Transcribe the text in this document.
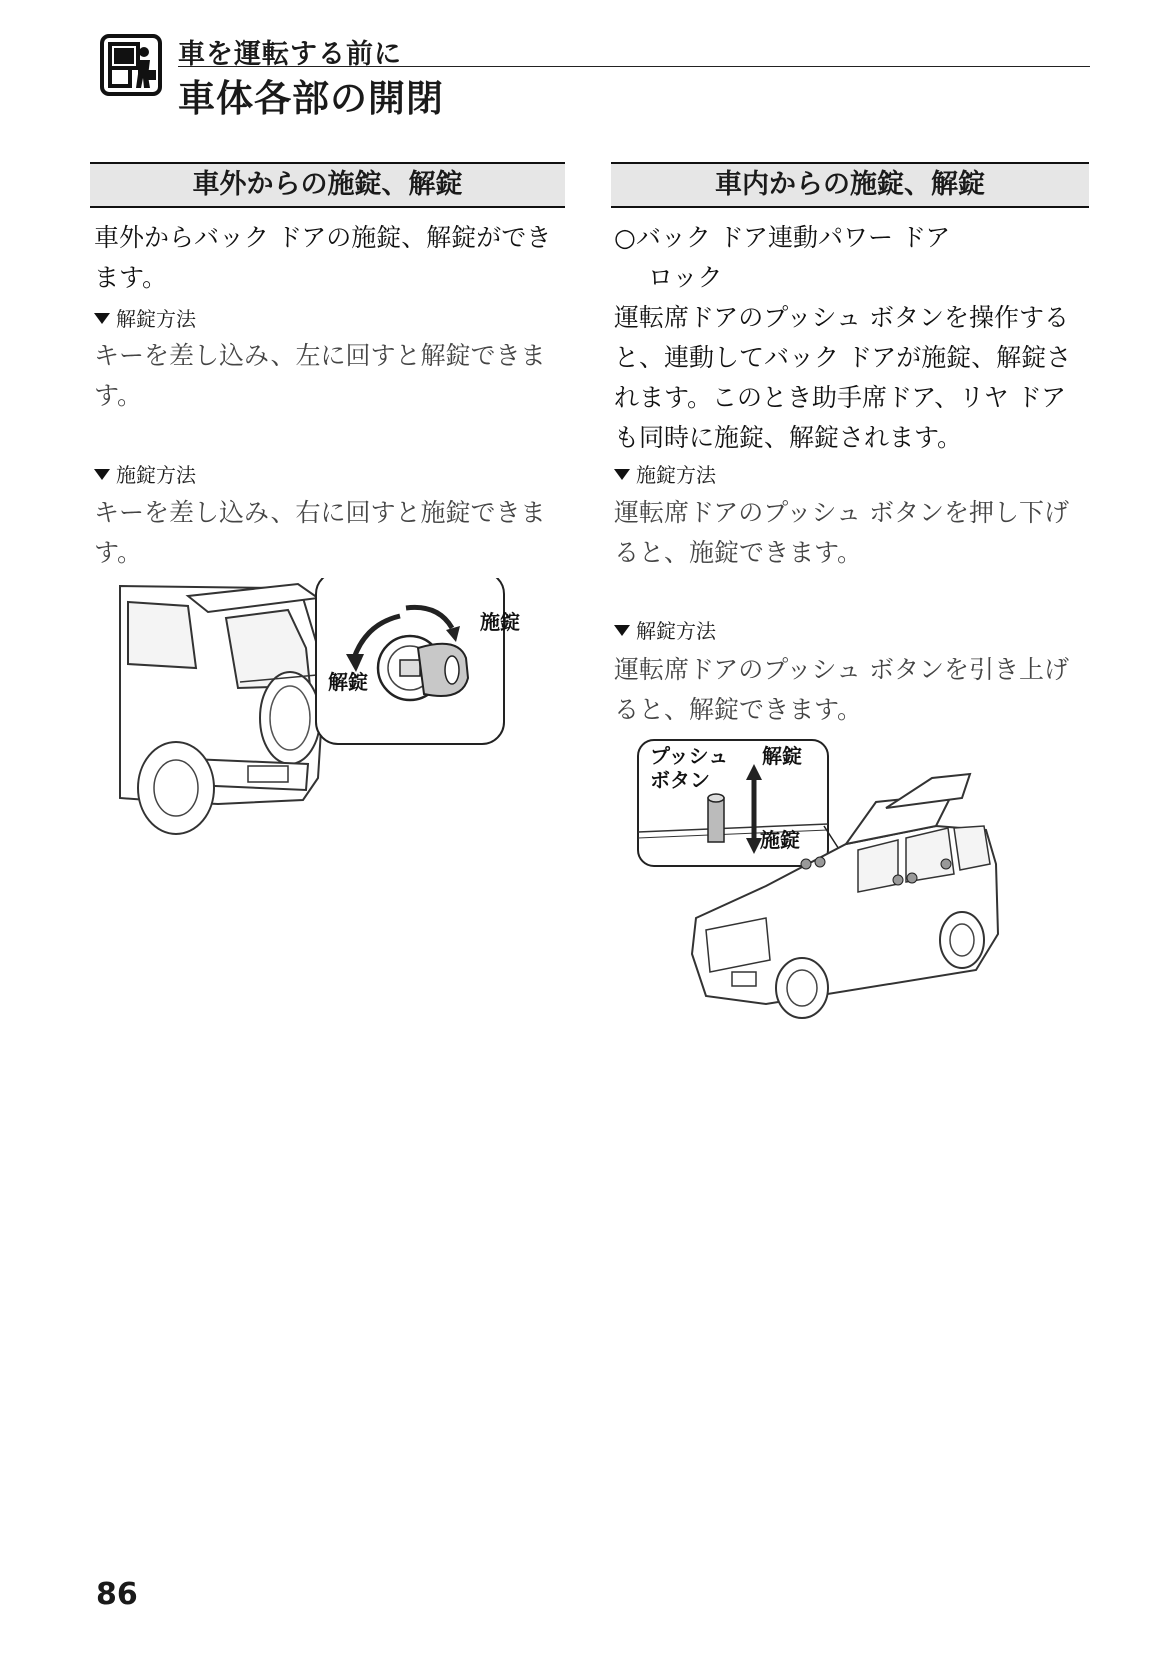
車を運転する前に
車体各部の開閉
車外からの施錠、解錠
車外からバック ドアの施錠、解錠ができ
ます。
解錠方法
キーを差し込み、左に回すと解錠できま
す。
施錠方法
キーを差し込み、右に回すと施錠できま
す。
施錠
解錠
車内からの施錠、解錠
○バック ドア連動パワー ドア
ロック
運転席ドアのプッシュ ボタンを操作する
と、連動してバック ドアが施錠、解錠さ
れます。このとき助手席ドア、リヤ ドア
も同時に施錠、解錠されます。
施錠方法
運転席ドアのプッシュ ボタンを押し下げ
ると、施錠できます。
解錠方法
運転席ドアのプッシュ ボタンを引き上げ
ると、解錠できます。
プッシュ
ボタン
解錠
施錠
86
